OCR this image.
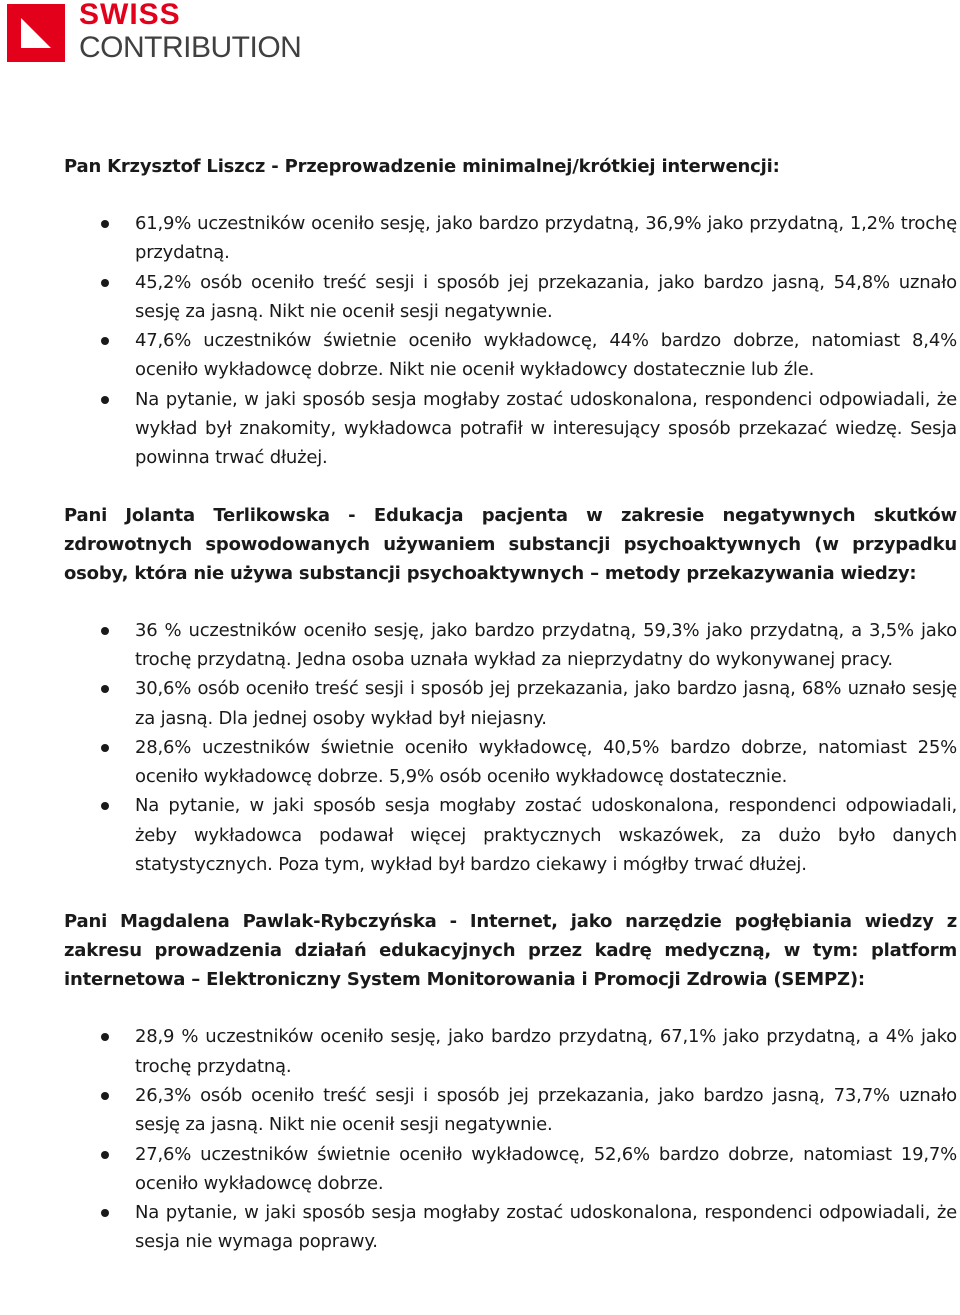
SWISS
CONTRIBUTION

Pan Krzysztof Liszcz - Przeprowadzenie minimalnej/krótkiej interwencji:

61,9% uczestników oceniło sesję, jako bardzo przydatną, 36,9% jako przydatną, 1,2% trochę przydatną.
45,2% osób oceniło treść sesji i sposób jej przekazania, jako bardzo jasną, 54,8% uznało sesję za jasną. Nikt nie ocenił sesji negatywnie.
47,6% uczestników świetnie oceniło wykładowcę, 44% bardzo dobrze, natomiast 8,4% oceniło wykładowcę dobrze. Nikt nie ocenił wykładowcy dostatecznie lub źle.
Na pytanie, w jaki sposób sesja mogłaby zostać udoskonalona, respondenci odpowiadali, że wykład był znakomity, wykładowca potrafił w interesujący sposób przekazać wiedzę. Sesja powinna trwać dłużej.

Pani Jolanta Terlikowska - Edukacja pacjenta w zakresie negatywnych skutków zdrowotnych spowodowanych używaniem substancji psychoaktywnych (w przypadku osoby, która nie używa substancji psychoaktywnych – metody przekazywania wiedzy:

36 % uczestników oceniło sesję, jako bardzo przydatną, 59,3% jako przydatną, a 3,5% jako trochę przydatną. Jedna osoba uznała wykład za nieprzydatny do wykonywanej pracy.
30,6% osób oceniło treść sesji i sposób jej przekazania, jako bardzo jasną, 68% uznało sesję za jasną. Dla jednej osoby wykład był niejasny.
28,6% uczestników świetnie oceniło wykładowcę, 40,5% bardzo dobrze, natomiast 25% oceniło wykładowcę dobrze. 5,9% osób oceniło wykładowcę dostatecznie.
Na pytanie, w jaki sposób sesja mogłaby zostać udoskonalona, respondenci odpowiadali, żeby wykładowca podawał więcej praktycznych wskazówek, za dużo było danych statystycznych. Poza tym, wykład był bardzo ciekawy i mógłby trwać dłużej.

Pani Magdalena Pawlak-Rybczyńska - Internet, jako narzędzie pogłębiania wiedzy z zakresu prowadzenia działań edukacyjnych przez kadrę medyczną, w tym: platform internetowa – Elektroniczny System Monitorowania i Promocji Zdrowia (SEMPZ):

28,9 % uczestników oceniło sesję, jako bardzo przydatną, 67,1% jako przydatną, a 4% jako trochę przydatną.
26,3% osób oceniło treść sesji i sposób jej przekazania, jako bardzo jasną, 73,7% uznało sesję za jasną. Nikt nie ocenił sesji negatywnie.
27,6% uczestników świetnie oceniło wykładowcę, 52,6% bardzo dobrze, natomiast 19,7% oceniło wykładowcę dobrze.
Na pytanie, w jaki sposób sesja mogłaby zostać udoskonalona, respondenci odpowiadali, że sesja nie wymaga poprawy.
